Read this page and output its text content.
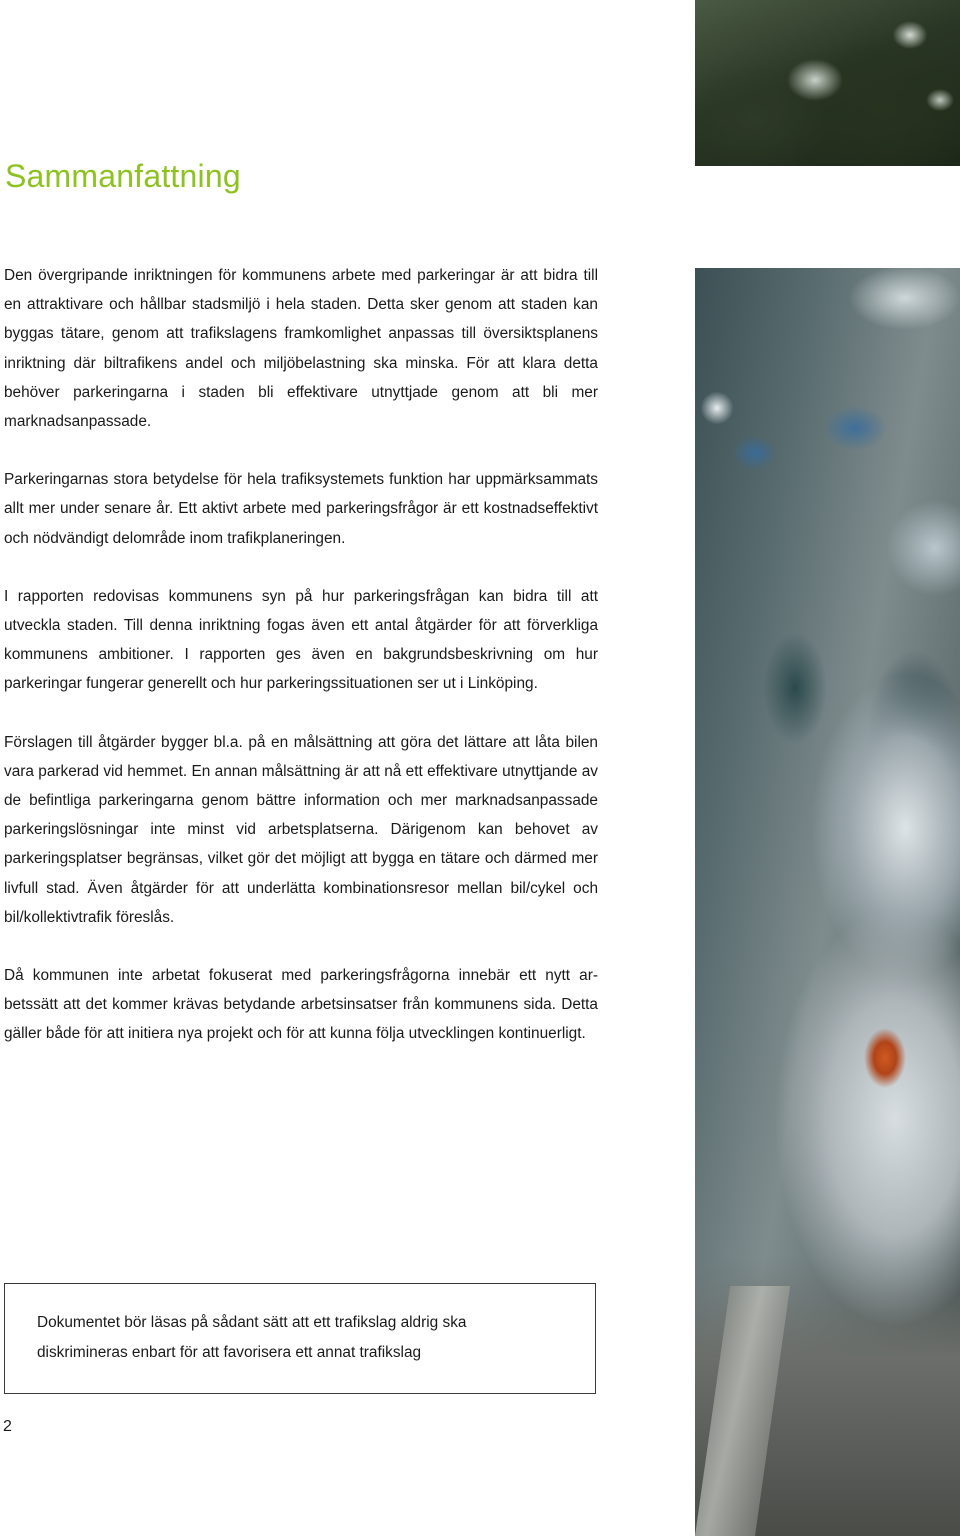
Sammanfattning

Den övergripande inriktningen för kommunens arbete med parkeringar är att bidra till en attraktivare och hållbar stadsmiljö i hela staden. Detta sker genom att staden kan byggas tätare, genom att trafikslagens framkomlighet anpassas till översiktsplanens inriktning där biltrafikens andel och miljöbelastning ska minska. För att klara detta behöver parkeringarna i staden bli effektivare utnyttjade genom att bli mer marknadsanpassade.

Parkeringarnas stora betydelse för hela trafiksystemets funktion har uppmärksammats allt mer under senare år. Ett aktivt arbete med parkeringsfrågor är ett kostnadseffektivt och nödvändigt delområde inom trafikplaneringen.

I rapporten redovisas kommunens syn på hur parkeringsfrågan kan bidra till att utveckla staden. Till denna inriktning fogas även ett antal åtgärder för att förverkliga kommunens ambitioner. I rapporten ges även en bakgrundsbeskrivning om hur parkeringar fungerar generellt och hur parkeringssituationen ser ut i Linköping.

Förslagen till åtgärder bygger bl.a. på en målsättning att göra det lättare att låta bilen vara parkerad vid hemmet. En annan målsättning är att nå ett effektivare utnyttjande av de befintliga parkeringarna genom bättre information och mer marknadsanpassade parkeringslösningar inte minst vid arbetsplatserna. Därigenom kan behovet av parkeringsplatser begränsas, vilket gör det möjligt att bygga en tätare och därmed mer livfull stad. Även åtgärder för att underlätta kombinationsresor mellan bil/cykel och bil/kollektivtrafik föreslås.

Då kommunen inte arbetat fokuserat med parkeringsfrågorna innebär ett nytt arbetssätt att det kommer krävas betydande arbetsinsatser från kommunens sida. Detta gäller både för att initiera nya projekt och för att kunna följa utvecklingen kontinuerligt.

Dokumentet bör läsas på sådant sätt att ett trafikslag aldrig ska

diskrimineras enbart för att favorisera ett annat trafikslag

2
